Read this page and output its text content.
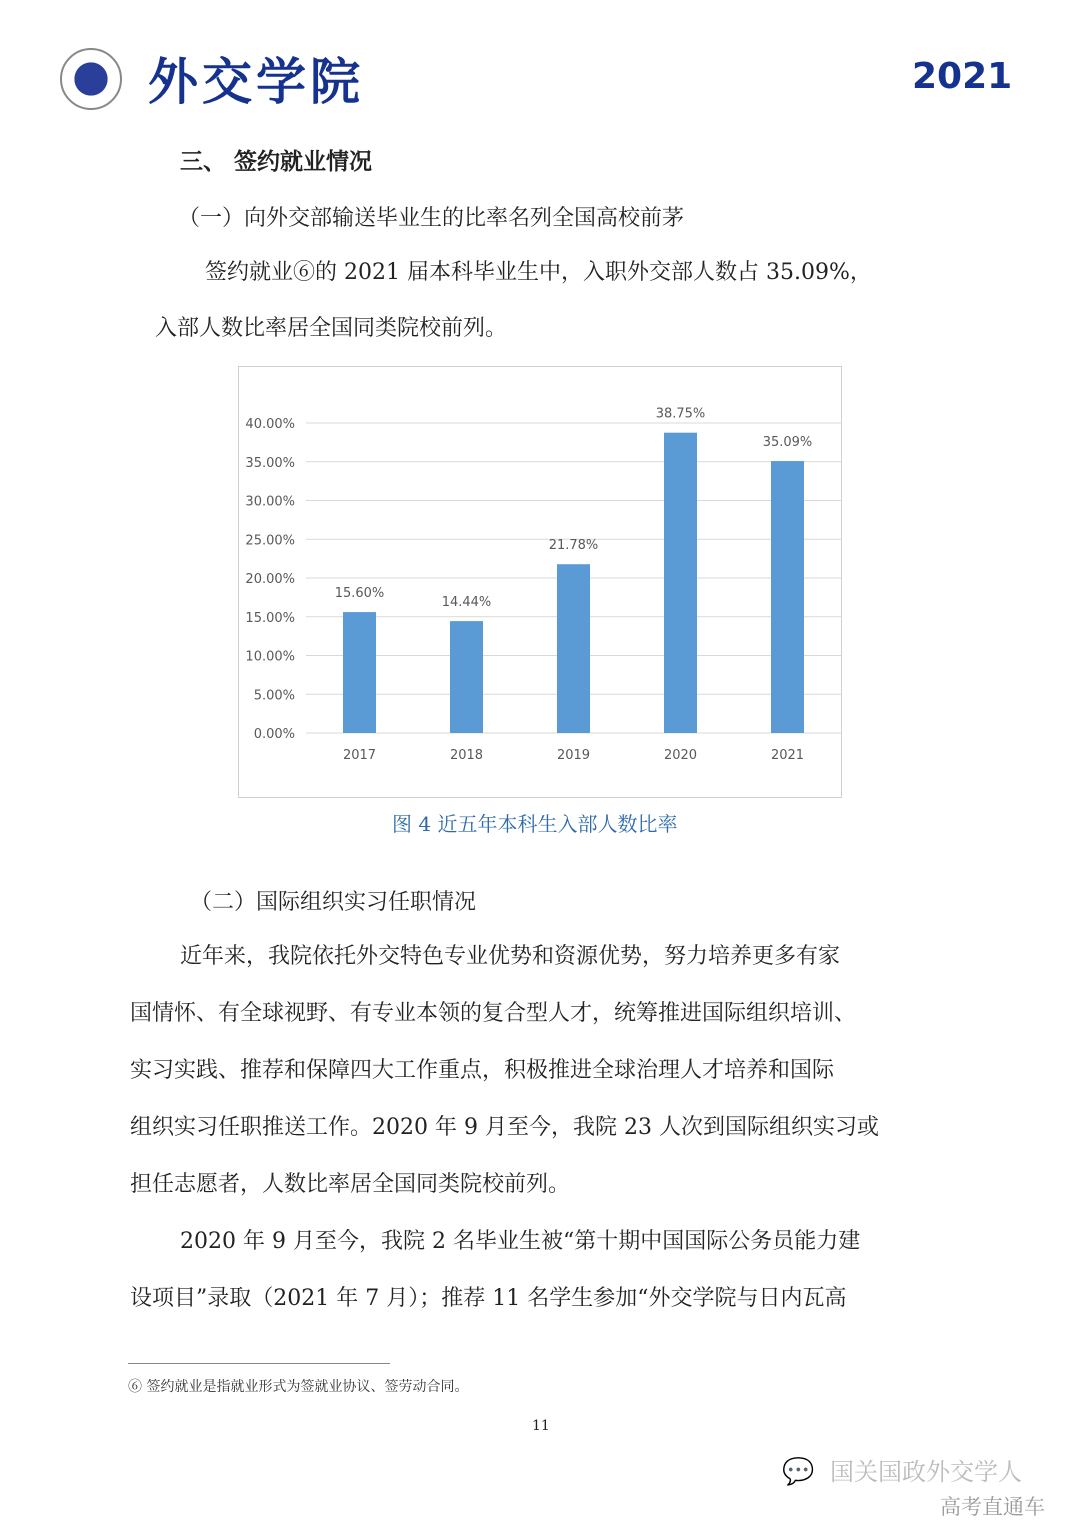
外交学院	2021
三、 签约就业情况
（一）向外交部输送毕业生的比率名列全国高校前茅
签约就业⑥的 2021 届本科毕业生中，入职外交部人数占 35.09%，
入部人数比率居全国同类院校前列。
0.00%
5.00%
10.00%
15.00%
20.00%
25.00%
30.00%
35.00%
40.00%
15.60%
2017
14.44%
2018
21.78%
2019
38.75%
2020
35.09%
2021
图 4 近五年本科生入部人数比率
（二）国际组织实习任职情况
近年来，我院依托外交特色专业优势和资源优势，努力培养更多有家
国情怀、有全球视野、有专业本领的复合型人才，统筹推进国际组织培训、
实习实践、推荐和保障四大工作重点，积极推进全球治理人才培养和国际
组织实习任职推送工作。2020 年 9 月至今，我院 23 人次到国际组织实习或
担任志愿者，人数比率居全国同类院校前列。
2020 年 9 月至今，我院 2 名毕业生被“第十期中国国际公务员能力建
设项目”录取（2021 年 7 月）；推荐 11 名学生参加“外交学院与日内瓦高
⑥ 签约就业是指就业形式为签就业协议、签劳动合同。
11
💬 国关国政外交学人
高考直通车
